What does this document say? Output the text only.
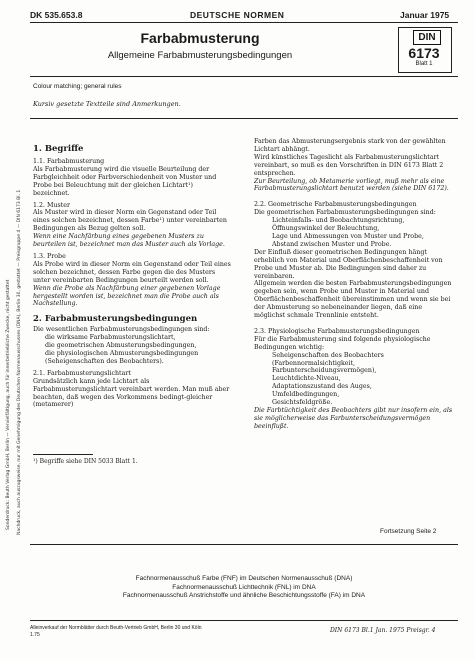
Sonderdruck: Beuth Verlag GmbH, Berlin — Vervielfältigung, auch für innerbetriebliche Zwecke, nicht gestattet Nachdruck, auch auszugsweise, nur mit Genehmigung des Deutschen Normenausschusses (DNA), Berlin 30, gestattet — Preisgruppe 4 — DIN 6173 Bl. 1
DK 535.653.8	DEUTSCHE NORMEN	Januar 1975
Farbabmusterung
Allgemeine Farbabmusterungsbedingungen
DIN
6173
Blatt 1
Colour matching; general rules
Kursiv gesetzte Textteile sind Anmerkungen.

1. Begriffe

1.1. Farbabmusterung

Als Farbabmusterung wird die visuelle Beurteilung der Farbgleichheit oder Farbverschiedenheit von Muster und Probe bei Beleuchtung mit der gleichen Lichtart¹) bezeichnet.

1.2. Muster

Als Muster wird in dieser Norm ein Gegenstand oder Teil eines solchen bezeichnet, dessen Farbe¹) unter vereinbarten Bedingungen als Bezug gelten soll.

Wenn eine Nachfärbung eines gegebenen Musters zu beurteilen ist, bezeichnet man das Muster auch als Vorlage.

1.3. Probe

Als Probe wird in dieser Norm ein Gegenstand oder Teil eines solchen bezeichnet, dessen Farbe gegen die des Musters unter vereinbarten Bedingungen beurteilt werden soll.

Wenn die Probe als Nachfärbung einer gegebenen Vorlage hergestellt worden ist, bezeichnet man die Probe auch als Nachstellung.

2. Farbabmusterungsbedingungen

Die wesentlichen Farbabmusterungsbedingungen sind:

die wirksame Farbabmusterungslichtart,

die geometrischen Abmusterungsbedingungen,

die physiologischen Abmusterungsbedingungen (Seheigenschaften des Beobachters).

2.1. Farbabmusterungslichtart

Grundsätzlich kann jede Lichtart als Farbabmusterungslichtart vereinbart werden. Man muß aber beachten, daß wegen des Vorkommens bedingt-gleicher (metamerer)

¹) Begriffe siehe DIN 5033 Blatt 1.

Farben das Abmusterungsergebnis stark von der gewählten Lichtart abhängt.

Wird künstliches Tageslicht als Farbabmusterungslichtart vereinbart, so muß es den Vorschriften in DIN 6173 Blatt 2 entsprechen.

Zur Beurteilung, ob Metamerie vorliegt, muß mehr als eine Farbabmusterungslichtart benutzt werden (siehe DIN 6172).

2.2. Geometrische Farbabmusterungsbedingungen

Die geometrischen Farbabmusterungsbedingungen sind:

Lichteinfalls- und Beobachtungsrichtung,

Öffnungswinkel der Beleuchtung,

Lage und Abmessungen von Muster und Probe,

Abstand zwischen Muster und Probe.

Der Einfluß dieser geometrischen Bedingungen hängt erheblich von Material und Oberflächenbeschaffenheit von Probe und Muster ab. Die Bedingungen sind daher zu vereinbaren.

Allgemein werden die besten Farbabmusterungsbedingungen gegeben sein, wenn Probe und Muster in Material und Oberflächenbeschaffenheit übereinstimmen und wenn sie bei der Abmusterung so nebeneinander liegen, daß eine möglichst schmale Trennlinie entsteht.

2.3. Physiologische Farbabmusterungsbedingungen

Für die Farbabmusterung sind folgende physiologische Bedingungen wichtig:

Seheigenschaften des Beobachters (Farbennormalsichtigkeit, Farbunterscheidungsvermögen),

Leuchtdichte-Niveau,

Adaptationszustand des Auges,

Umfeldbedingungen,

Gesichtsfeldgröße.

Die Farbtüchtigkeit des Beobachters gibt nur insofern ein, als sie möglicherweise das Farbunterscheidungsvermögen beeinflußt.

Fortsetzung Seite 2
Fachnormenausschuß Farbe (FNF) im Deutschen Normenausschuß (DNA)
Fachnormenausschuß Lichttechnik (FNL) im DNA
Fachnormenausschuß Anstrichstoffe und ähnliche Beschichtungsstoffe (FA) im DNA
Alleinverkauf der Normblätter durch Beuth-Vertrieb GmbH, Berlin 30 und Köln
1.75
DIN 6173 Bl.1 Jan. 1975 Preisgr. 4
